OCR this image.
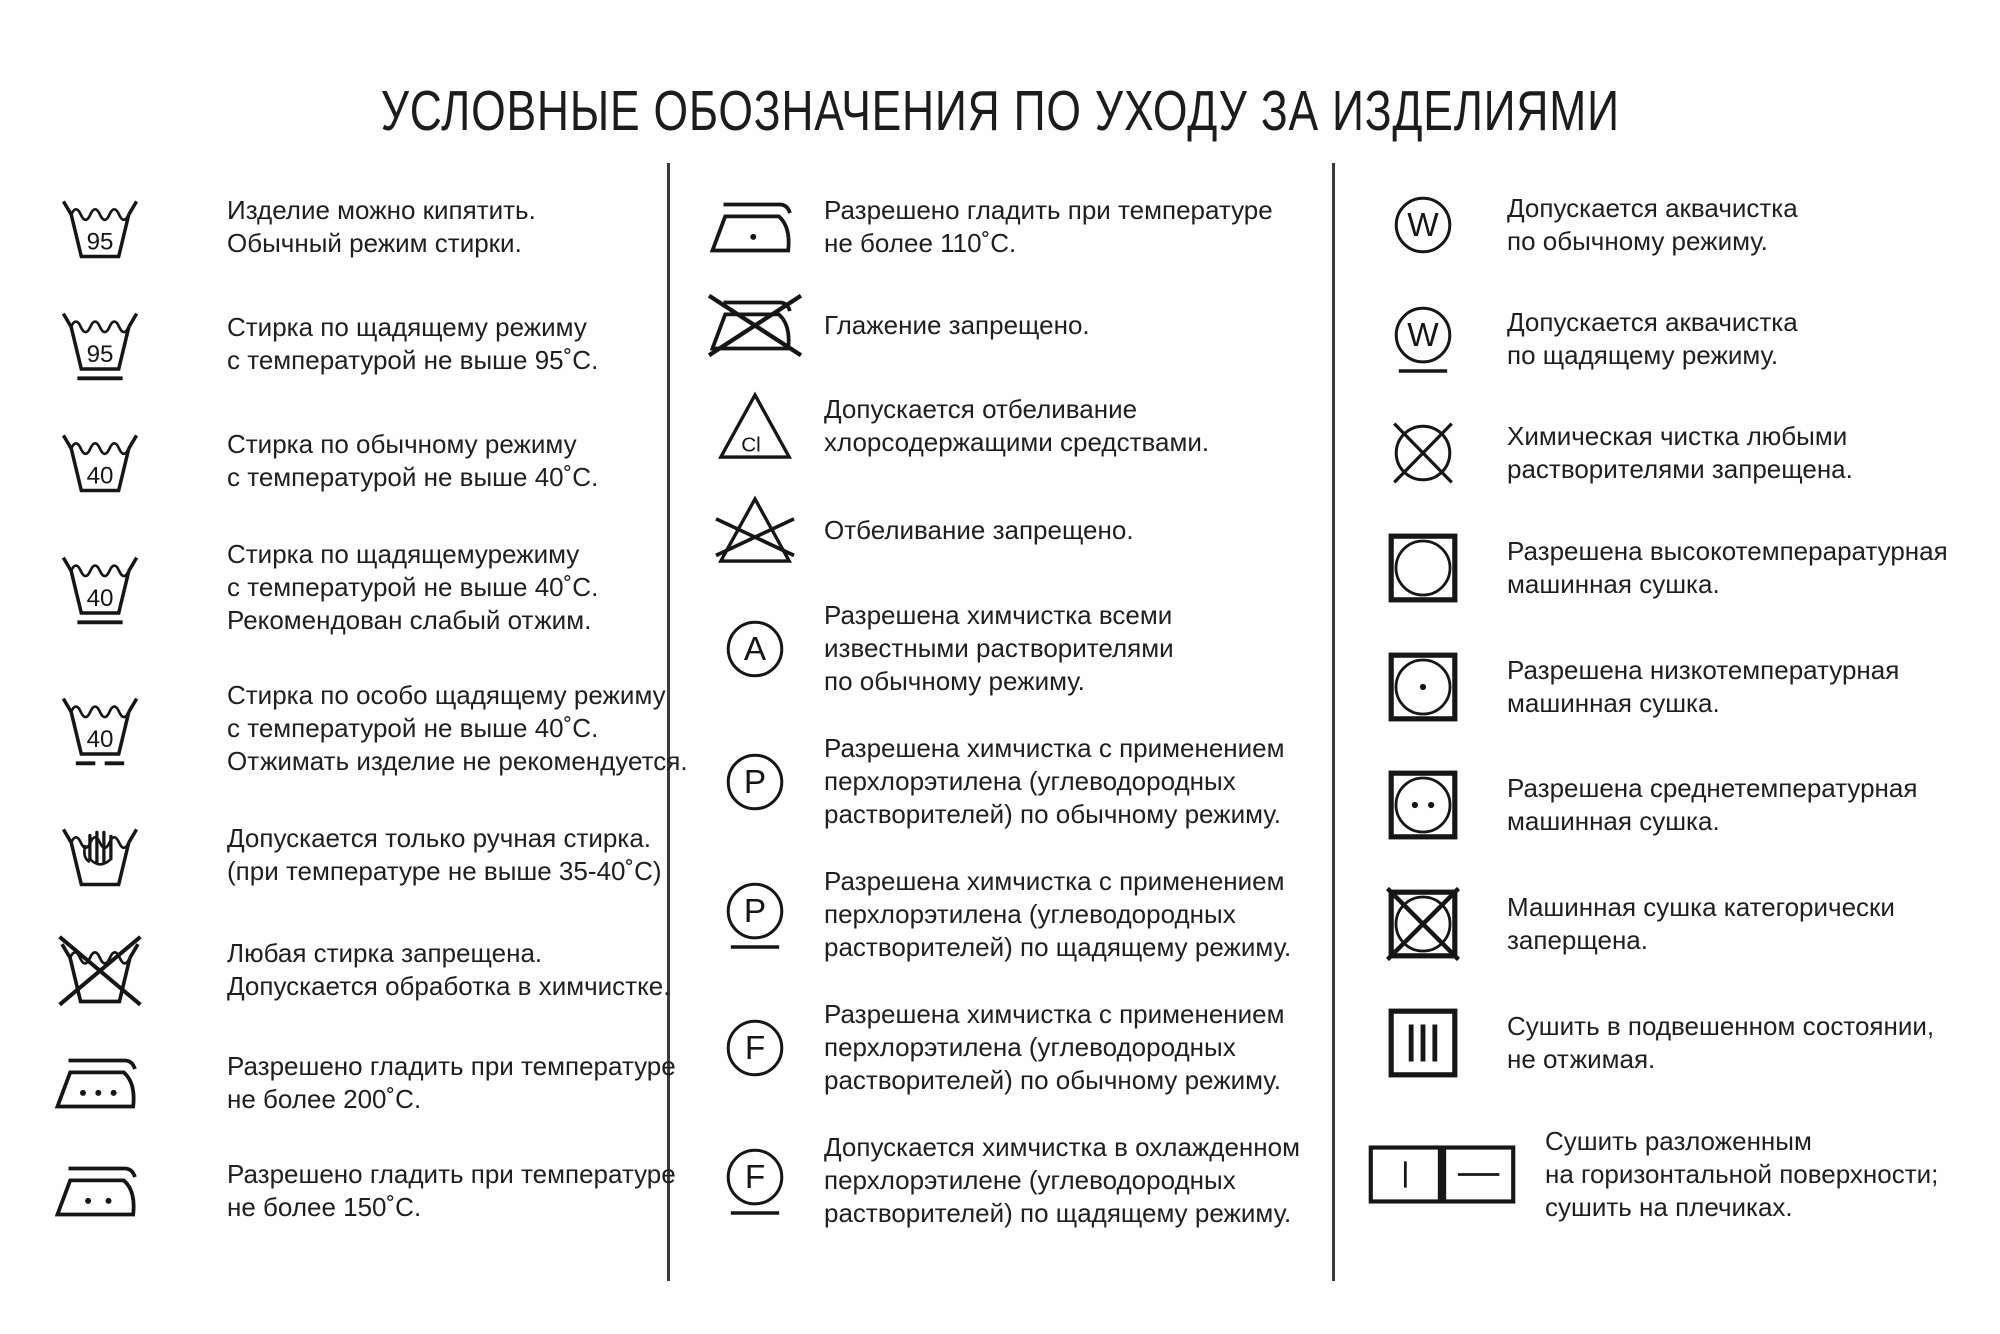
УСЛОВНЫЕ ОБОЗНАЧЕНИЯ ПО УХОДУ ЗА ИЗДЕЛИЯМИ
95
Изделие можно кипятить.
Обычный режим стирки.
95
Стирка по щадящему режиму
с температурой не выше 95˚С.
40
Стирка по обычному режиму
с температурой не выше 40˚С.
40
Стирка по щадящемурежиму
с температурой не выше 40˚С.
Рекомендован слабый отжим.
40
Стирка по особо щадящему режиму
с температурой не выше 40˚С.
Отжимать изделие не рекомендуется.
Допускается только ручная стирка.
(при температуре не выше 35-40˚С)
Любая стирка запрещена.
Допускается обработка в химчистке.
Разрешено гладить при температуре
не более 200˚С.
Разрешено гладить при температуре
не более 150˚С.
Разрешено гладить при температуре
не более 110˚С.
Глажение запрещено.
Cl
Допускается отбеливание
хлорсодержащими средствами.
Отбеливание запрещено.
A
Разрешена химчистка всеми
известными растворителями
по обычному режиму.
P
Разрешена химчистка с применением
перхлорэтилена (углеводородных
растворителей) по обычному режиму.
P
Разрешена химчистка с применением
перхлорэтилена (углеводородных
растворителей) по щадящему режиму.
F
Разрешена химчистка с применением
перхлорэтилена (углеводородных
растворителей) по обычному режиму.
F
Допускается химчистка в охлажденном
перхлорэтилене (углеводородных
растворителей) по щадящему режиму.
W	Допускается аквачистка
по обычному режиму.
W	Допускается аквачистка
по щадящему режиму.
Химическая чистка любыми
растворителями запрещена.
Разрешена высокотемпераратурная
машинная сушка.
Разрешена низкотемпературная
машинная сушка.
Разрешена среднетемпературная
машинная сушка.
Машинная сушка категорически
заперщена.
Сушить в подвешенном состоянии,
не отжимая.
Сушить разложенным
на горизонтальной поверхности;
сушить на плечиках.
